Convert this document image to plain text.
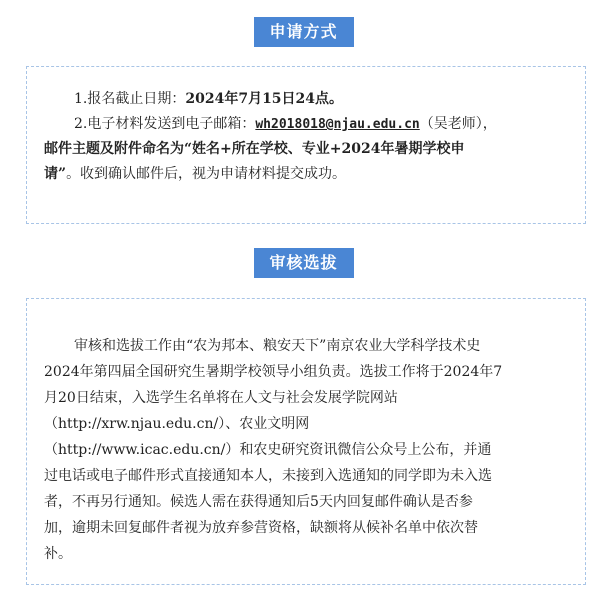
申请方式
1.报名截止日期：2024年7月15日24点。
2.电子材料发送到电子邮箱：wh2018018@njau.edu.cn（吴老师），
邮件主题及附件命名为“姓名+所在学校、专业+2024年暑期学校申
请”。收到确认邮件后，视为申请材料提交成功。
审核选拔
审核和选拔工作由“农为邦本、粮安天下”南京农业大学科学技术史
2024年第四届全国研究生暑期学校领导小组负责。选拔工作将于2024年7
月20日结束，入选学生名单将在人文与社会发展学院网站
（http://xrw.njau.edu.cn/）、农业文明网
（http://www.icac.edu.cn/）和农史研究资讯微信公众号上公布，并通
过电话或电子邮件形式直接通知本人，未接到入选通知的同学即为未入选
者，不再另行通知。候选人需在获得通知后5天内回复邮件确认是否参
加，逾期未回复邮件者视为放弃参营资格，缺额将从候补名单中依次替
补。
